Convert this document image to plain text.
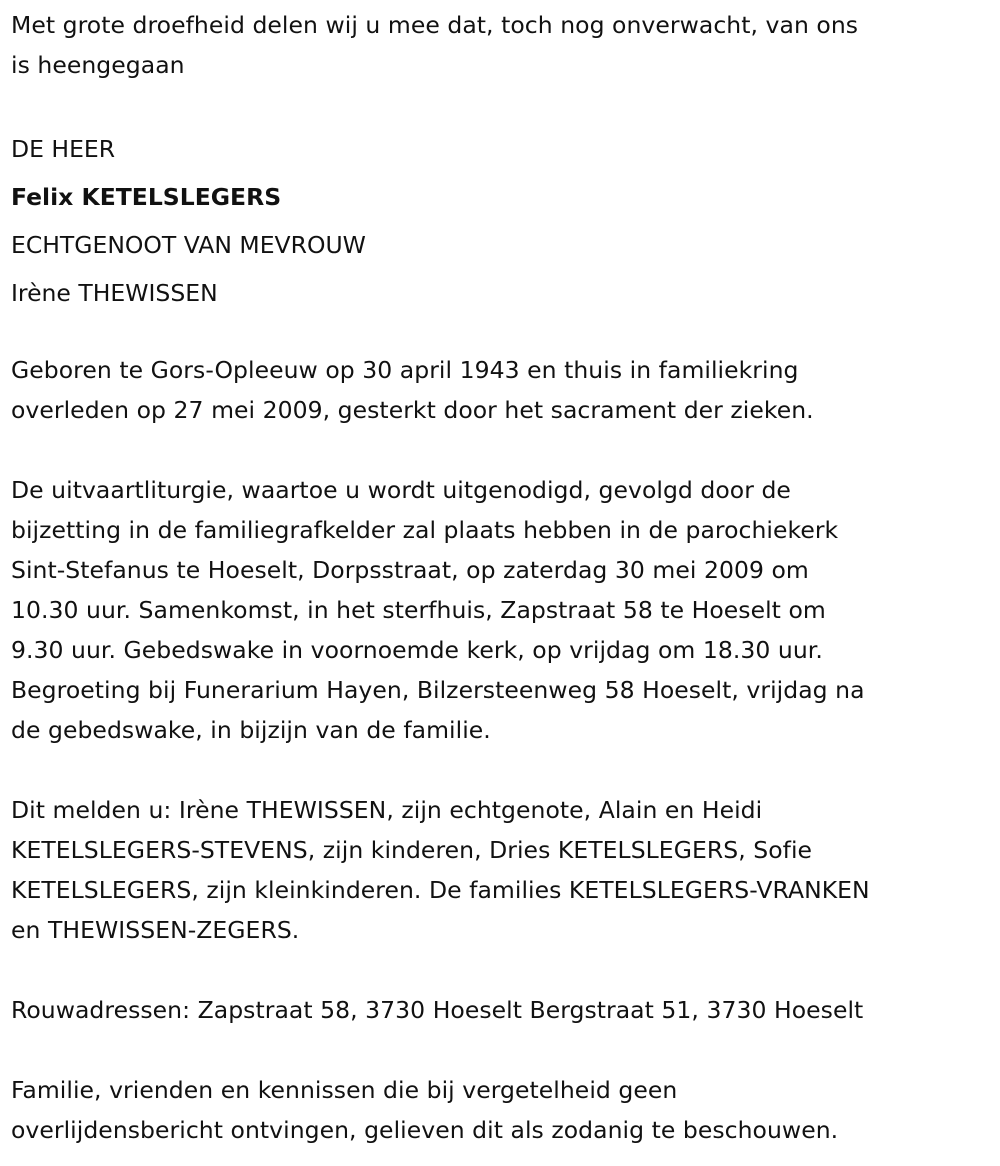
Met grote droefheid delen wij u mee dat, toch nog onverwacht, van ons
is heengegaan
DE HEER
Felix KETELSLEGERS
ECHTGENOOT VAN MEVROUW
Irène THEWISSEN
Geboren te Gors-Opleeuw op 30 april 1943 en thuis in familiekring
overleden op 27 mei 2009, gesterkt door het sacrament der zieken.
De uitvaartliturgie, waartoe u wordt uitgenodigd, gevolgd door de
bijzetting in de familiegrafkelder zal plaats hebben in de parochiekerk
Sint-Stefanus te Hoeselt, Dorpsstraat, op zaterdag 30 mei 2009 om
10.30 uur. Samenkomst, in het sterfhuis, Zapstraat 58 te Hoeselt om
9.30 uur. Gebedswake in voornoemde kerk, op vrijdag om 18.30 uur.
Begroeting bij Funerarium Hayen, Bilzersteenweg 58 Hoeselt, vrijdag na
de gebedswake, in bijzijn van de familie.
Dit melden u: Irène THEWISSEN, zijn echtgenote, Alain en Heidi
KETELSLEGERS-STEVENS, zijn kinderen, Dries KETELSLEGERS, Sofie
KETELSLEGERS, zijn kleinkinderen. De families KETELSLEGERS-VRANKEN
en THEWISSEN-ZEGERS.
Rouwadressen: Zapstraat 58, 3730 Hoeselt Bergstraat 51, 3730 Hoeselt
Familie, vrienden en kennissen die bij vergetelheid geen
overlijdensbericht ontvingen, gelieven dit als zodanig te beschouwen.
